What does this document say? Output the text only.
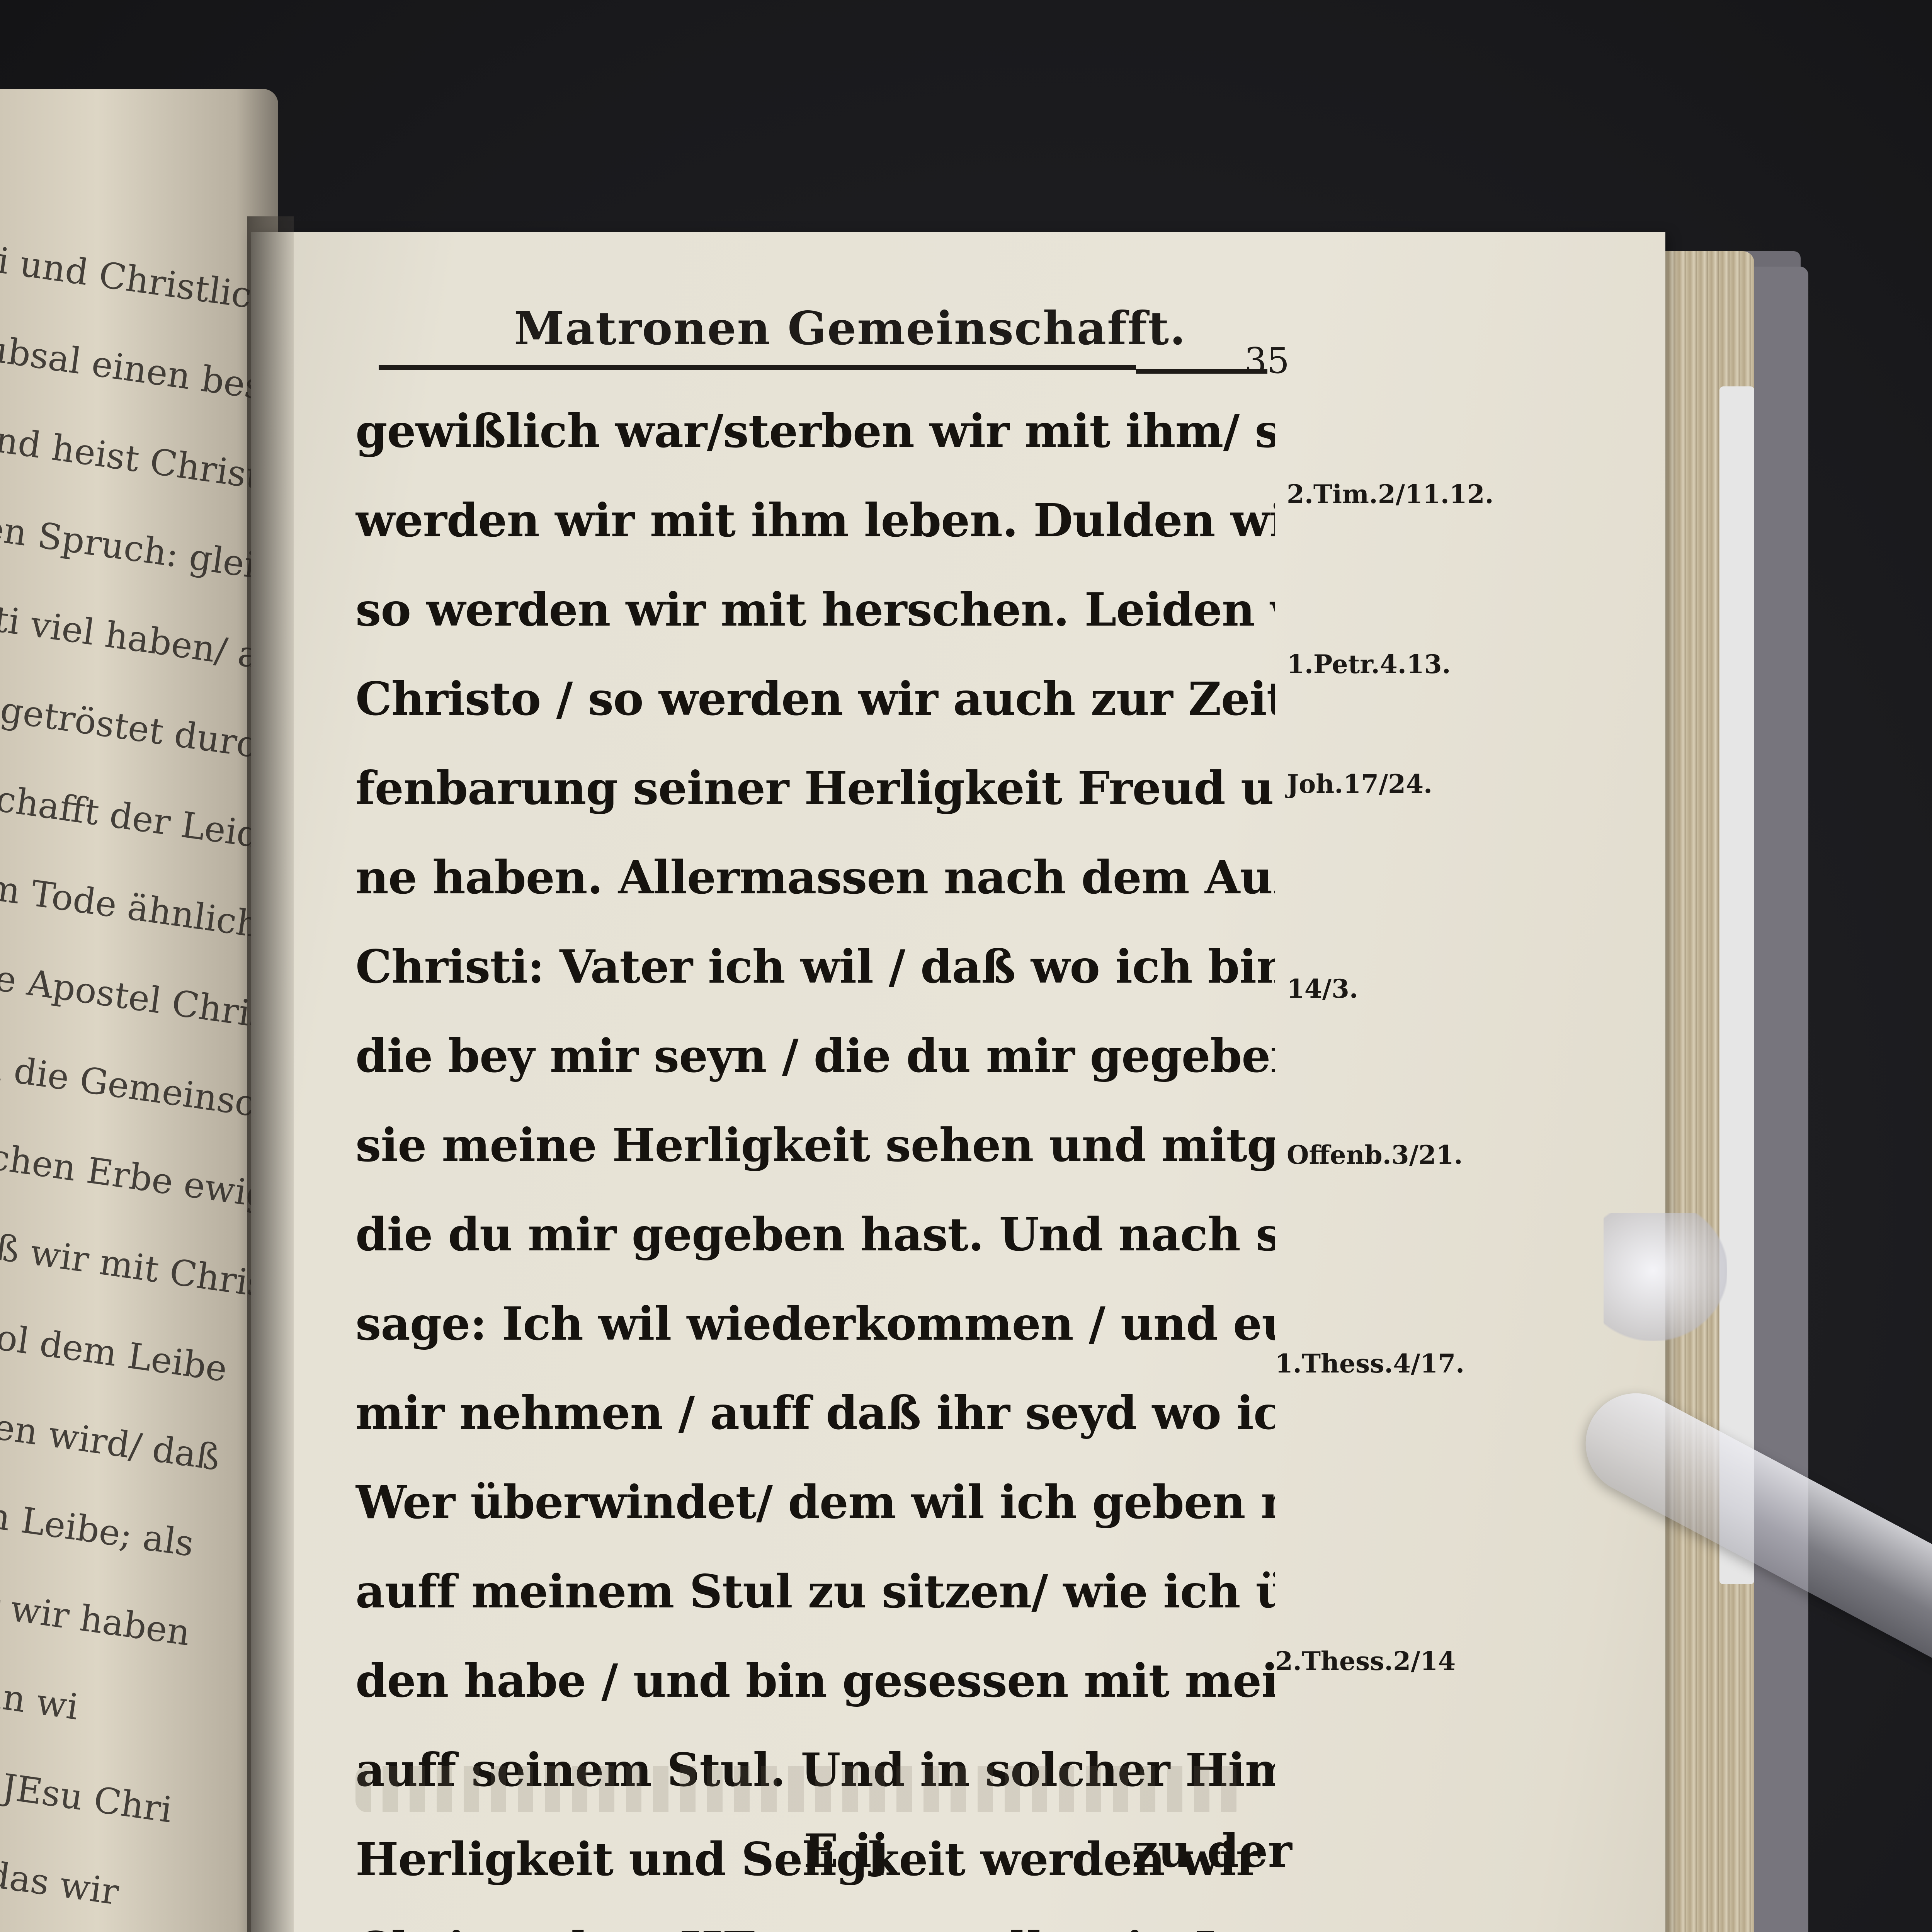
i und Christlicher
ubsal einen besondern
und heist Christi
hen Spruch: gleichwie
risti viel haben/
getröstet durch
einschafft der Leiden
einem Tode ähnlich
grosse Apostel Christi
dan die Gemeinschafft
Himlischen Erbe ewiger
daß wir mit Christo
wol dem Leibe
verklären wird/ daß
verklärten Leibe; als
welcher wir haben
Dan wi
JEsu Chri
das wir
Matronen Gemeinschafft.
35
gewißlich war/sterben wir mit ihm/ s
werden wir mit ihm leben. Dulden w
so werden wir mit herschen. Leiden
Christo / so werden wir auch zur Zei
fenbarung seiner Herligkeit Freud u
ne haben. Allermassen nach dem Au
Christi: Vater ich wil / daß wo ich bin
die bey mir seyn / die du mir gegebe
sie meine Herligkeit sehen und mitg
die du mir gegeben hast. Und nach s
sage: Ich wil wiederkommen / und e
mir nehmen / auff daß ihr seyd wo ic
Wer überwindet/ dem wil ich geben
auff meinem Stul zu sitzen/ wie ich ü
den habe / und bin gesessen mit mei
Herligkeit und Seligkeit werden wir
2.Tim.2/11.12.
1.Petr.4.13.
Joh.17/24.
14/3.
Offenb.3/21.
1.Thess.4/17.
2.Thess.2/14
E ij	zu der
